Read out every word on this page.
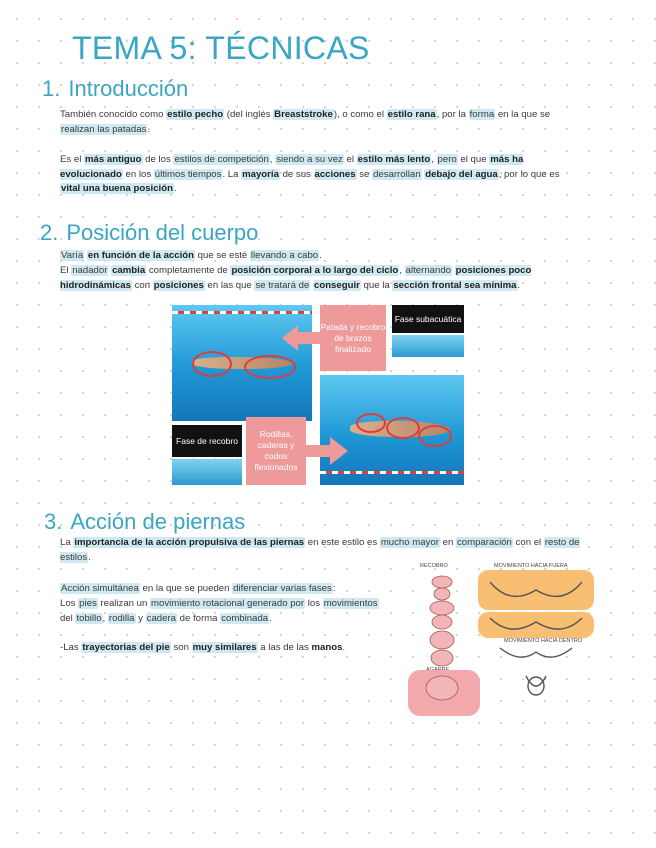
TEMA 5: TÉCNICAS
1. Introducción

También conocido como estilo pecho (del inglés Breaststroke), o como el estilo rana, por la forma en la que se realizan las patadas.

Es el más antiguo de los estilos de competición, siendo a su vez el estilo más lento, pero el que más ha evolucionado en los últimos tiempos. La mayoría de sus acciones se desarrollan debajo del agua, por lo que es vital una buena posición.

2. Posición del cuerpo

Varía en función de la acción que se esté llevando a cabo.

El nadador cambia completamente de posición corporal a lo largo del ciclo, alternando posiciones poco hidrodinámicas con posiciones en las que se tratará de conseguir que la sección frontal sea mínima.

Patada y recobro de brazos finalizado
Fase subacuática
Fase de recobro
Rodillas, caderas y codos flexionados
3. Acción de piernas

La importancia de la acción propulsiva de las piernas en este estilo es mucho mayor en comparación con el resto de estilos.

Acción simultánea en la que se pueden diferenciar varias fases:

Los pies realizan un movimiento rotacional generado por los movimientos del tobillo, rodilla y cadera de forma combinada.

-Las trayectorias del pie son muy similares a las de las manos.

RECOBRO	MOVIMIENTO HACIA FUERA
MOVIMIENTO HACIA DENTRO
